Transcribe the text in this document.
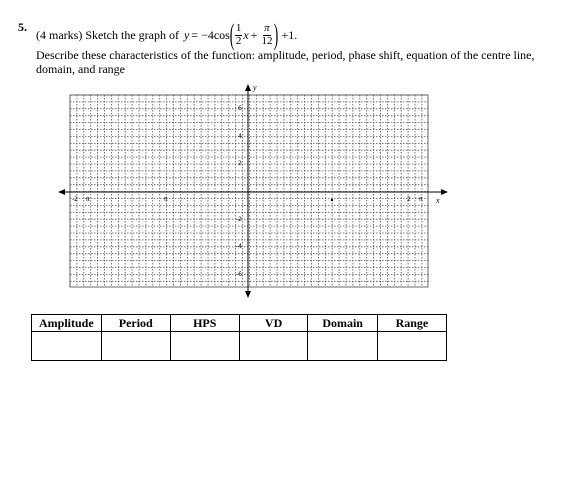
5.
(4 marks) Sketch the graph of y = −4cos ( $\frac{1}{2}$ $x + \frac{\pi}{12}$ ) +1.
Describe these characteristics of the function: amplitude, period, phase shift, equation of the centre line,
domain, and range
y
x
6
4
2
-2
-4
-6
-2 π	π	2 π
Amplitude	Period	HPS	VD	Domain	Range
